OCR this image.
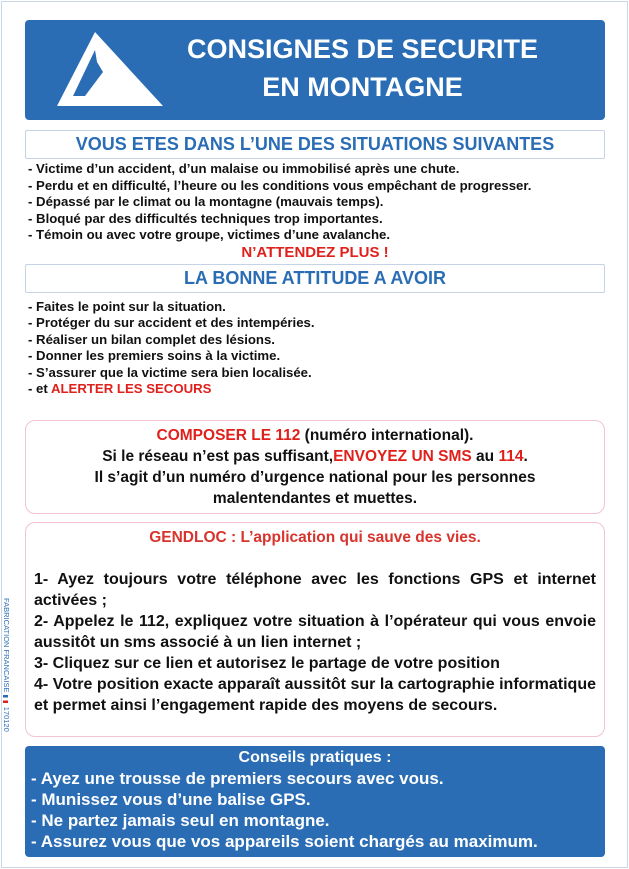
CONSIGNES DE SECURITE
EN MONTAGNE
VOUS ETES DANS L’UNE DES SITUATIONS SUIVANTES
- Victime d’un accident, d’un malaise ou immobilisé après une chute.
- Perdu et en difficulté, l’heure ou les conditions vous empêchant de progresser.
- Dépassé par le climat ou la montagne (mauvais temps).
- Bloqué par des difficultés techniques trop importantes.
- Témoin ou avec votre groupe, victimes d’une avalanche.
N’ATTENDEZ PLUS !
LA BONNE ATTITUDE A AVOIR
- Faites le point sur la situation.
- Protéger du sur accident et des intempéries.
- Réaliser un bilan complet des lésions.
- Donner les premiers soins à la victime.
- S’assurer que la victime sera bien localisée.
- et ALERTER LES SECOURS
COMPOSER LE 112 (numéro international).
Si le réseau n’est pas suffisant,ENVOYEZ UN SMS au 114.
Il s’agit d’un numéro d’urgence national pour les personnes malentendantes et muettes.
GENDLOC : L’application qui sauve des vies.
1- Ayez toujours votre téléphone avec les fonctions GPS et internet activées ;
2- Appelez le 112, expliquez votre situation à l’opérateur qui vous envoie aussitôt un sms associé à un lien internet ;
3- Cliquez sur ce lien et autorisez le partage de votre position
4- Votre position exacte apparaît aussitôt sur la cartographie informatique et permet ainsi l’engagement rapide des moyens de secours.
Conseils pratiques :
- Ayez une trousse de premiers secours avec vous.
- Munissez vous d’une balise GPS.
- Ne partez jamais seul en montagne.
- Assurez vous que vos appareils soient chargés au maximum.
FABRICATION FRANCAISE   170120
